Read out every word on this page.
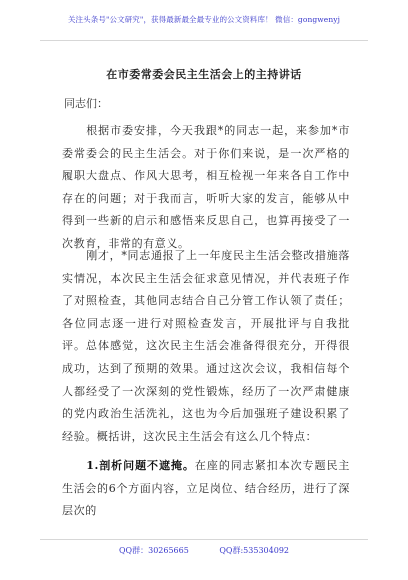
关注头条号"公文研究"，获得最新最全最专业的公文资料库！ 微信：gongwenyj
在市委常委会民主生活会上的主持讲话
同志们：

根据市委安排，今天我跟*的同志一起，来参加*市委常委会的民主生活会。对于你们来说，是一次严格的履职大盘点、作风大思考，相互检视一年来各自工作中存在的问题；对于我而言，听听大家的发言，能够从中得到一些新的启示和感悟来反思自己，也算再接受了一次教育，非常的有意义。

刚才，*同志通报了上一年度民主生活会整改措施落实情况，本次民主生活会征求意见情况，并代表班子作了对照检查，其他同志结合自己分管工作认领了责任；各位同志逐一进行对照检查发言，开展批评与自我批评。总体感觉，这次民主生活会准备得很充分，开得很成功，达到了预期的效果。通过这次会议，我相信每个人都经受了一次深刻的党性锻炼，经历了一次严肃健康的党内政治生活洗礼，这也为今后加强班子建设积累了经验。概括讲，这次民主生活会有这么几个特点：

1.剖析问题不遮掩。在座的同志紧扣本次专题民主生活会的6个方面内容，立足岗位、结合经历，进行了深层次的

QQ群：30265665	QQ群:535304092
